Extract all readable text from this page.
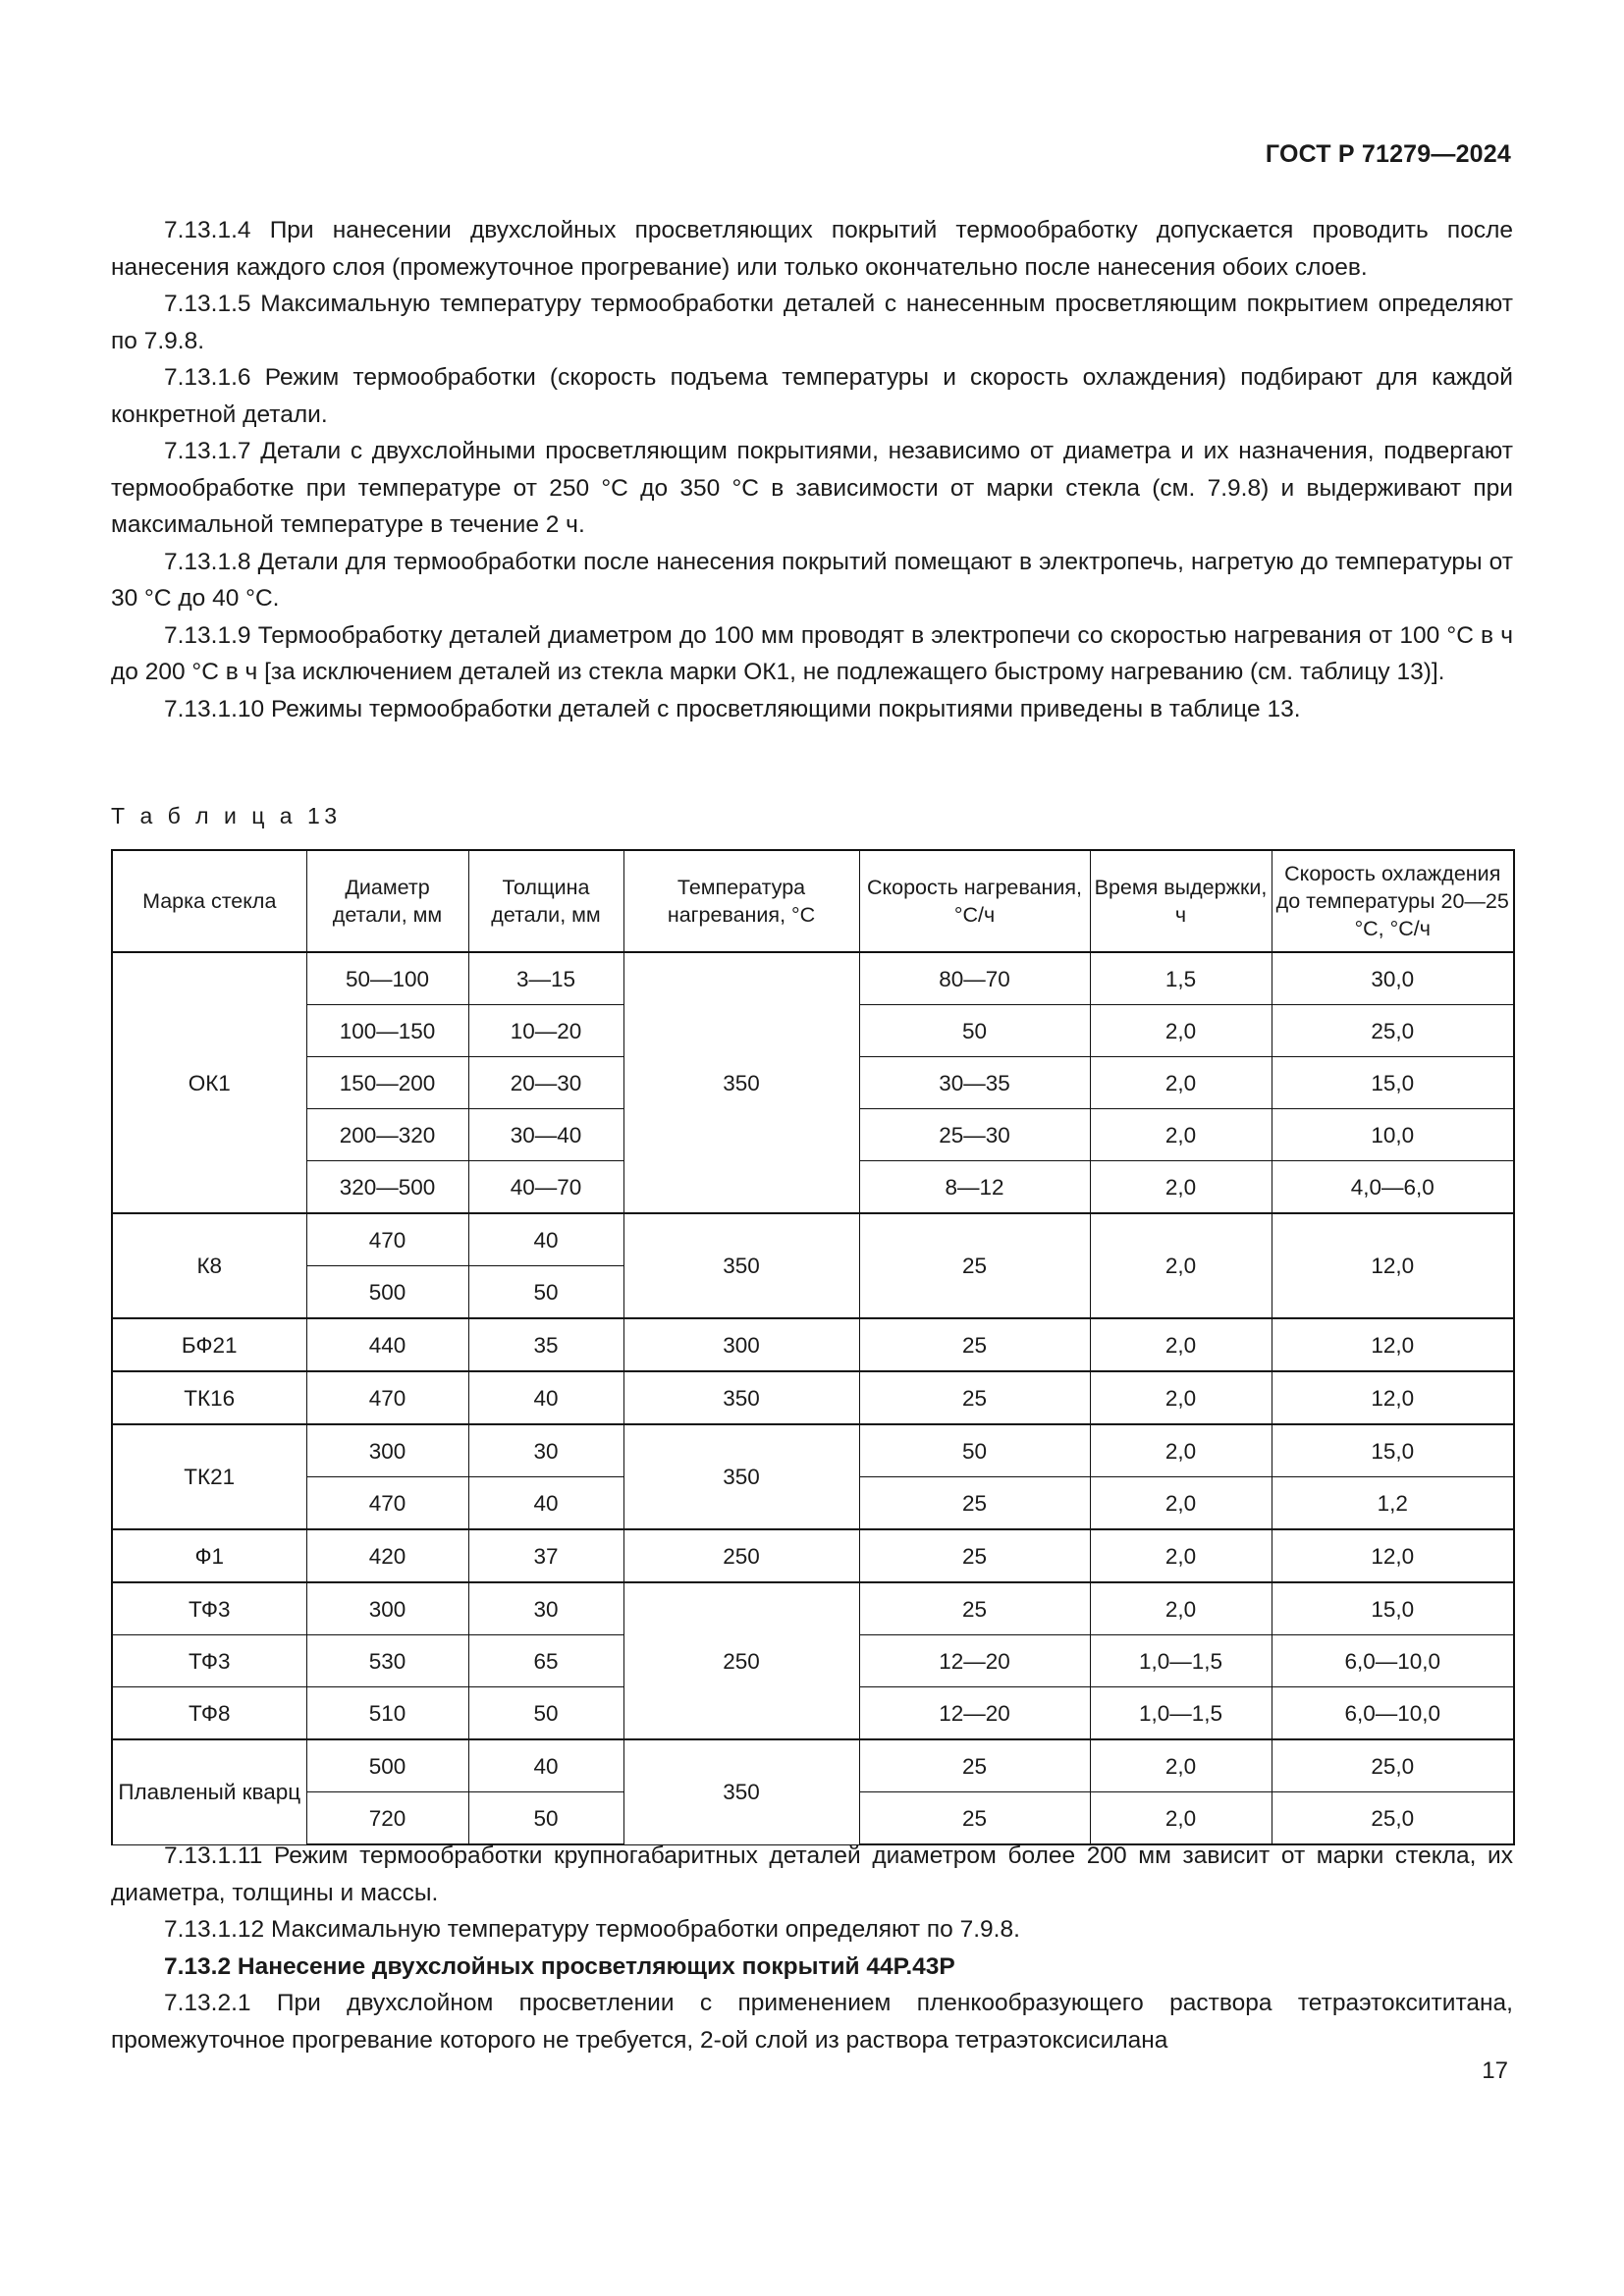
ГОСТ Р 71279—2024

7.13.1.4 При нанесении двухслойных просветляющих покрытий термообработку допускается проводить после нанесения каждого слоя (промежуточное прогревание) или только окончательно после нанесения обоих слоев.

7.13.1.5 Максимальную температуру термообработки деталей с нанесенным просветляющим покрытием определяют по 7.9.8.

7.13.1.6 Режим термообработки (скорость подъема температуры и скорость охлаждения) подбирают для каждой конкретной детали.

7.13.1.7 Детали с двухслойными просветляющим покрытиями, независимо от диаметра и их назначения, подвергают термообработке при температуре от 250 °C до 350 °C в зависимости от марки стекла (см. 7.9.8) и выдерживают при максимальной температуре в течение 2 ч.

7.13.1.8 Детали для термообработки после нанесения покрытий помещают в электропечь, нагретую до температуры от 30 °C до 40 °C.

7.13.1.9 Термообработку деталей диаметром до 100 мм проводят в электропечи со скоростью нагревания от 100 °C в ч до 200 °C в ч [за исключением деталей из стекла марки ОК1, не подлежащего быстрому нагреванию (см. таблицу 13)].

7.13.1.10 Режимы термообработки деталей с просветляющими покрытиями приведены в таблице 13.

Т а б л и ц а 13
Марка стекла	Диаметр детали, мм	Толщина детали, мм	Температура нагревания, °C	Скорость нагревания, °C/ч	Время выдержки, ч	Скорость охлаждения до температуры 20—25 °C, °C/ч
ОК1	50—100	3—15	350	80—70	1,5	30,0
	100—150	10—20		50	2,0	25,0
	150—200	20—30		30—35	2,0	15,0
	200—320	30—40		25—30	2,0	10,0
	320—500	40—70		8—12	2,0	4,0—6,0
К8	470	40	350	25	2,0	12,0
	500	50				
БФ21	440	35	300	25	2,0	12,0
ТК16	470	40	350	25	2,0	12,0
ТК21	300	30	350	50	2,0	15,0
	470	40		25	2,0	1,2
Ф1	420	37	250	25	2,0	12,0
ТФ3	300	30	250	25	2,0	15,0
ТФ3	530	65		12—20	1,0—1,5	6,0—10,0
ТФ8	510	50		12—20	1,0—1,5	6,0—10,0
Плавленый кварц	500	40	350	25	2,0	25,0
	720	50		25	2,0	25,0

7.13.1.11 Режим термообработки крупногабаритных деталей диаметром более 200 мм зависит от марки стекла, их диаметра, толщины и массы.

7.13.1.12 Максимальную температуру термообработки определяют по 7.9.8.

7.13.2 Нанесение двухслойных просветляющих покрытий 44Р.43Р

7.13.2.1 При двухслойном просветлении с применением пленкообразующего раствора тетраэтоксититана, промежуточное прогревание которого не требуется, 2-ой слой из раствора тетраэтоксисилана

17
